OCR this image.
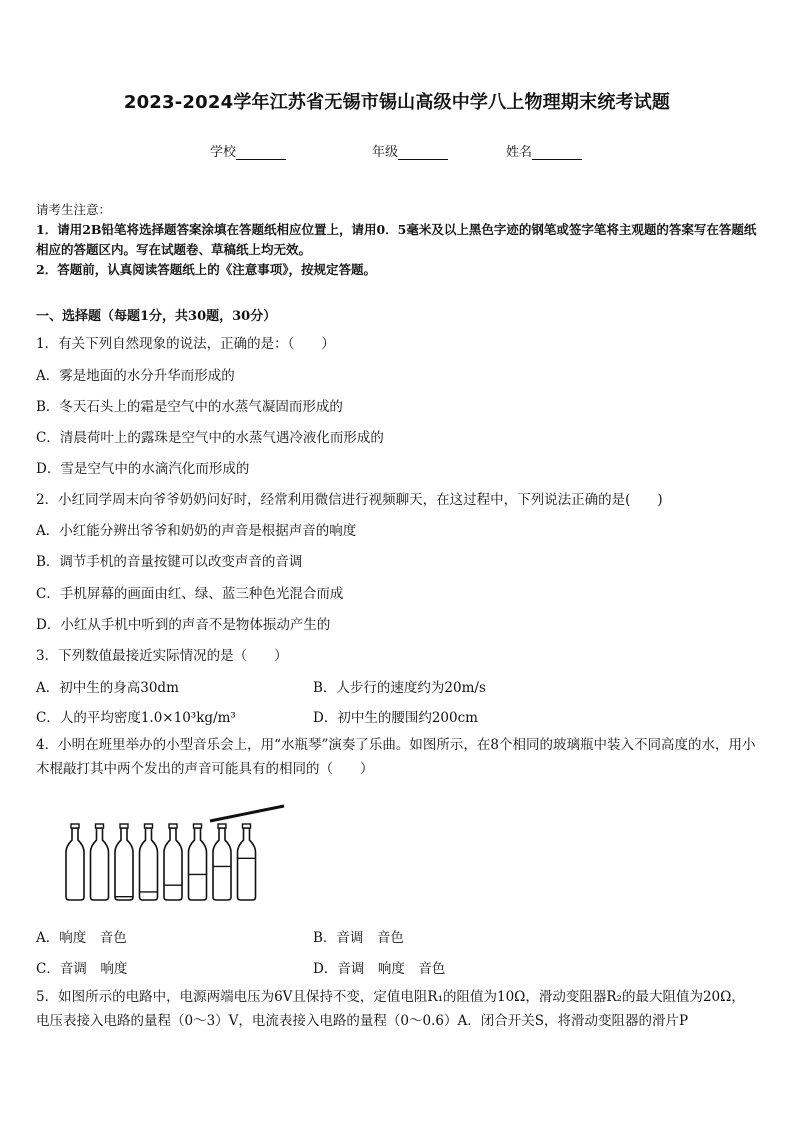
2023-2024学年江苏省无锡市锡山高级中学八上物理期末统考试题
学校	年级	姓名
请考生注意：
1．请用2B铅笔将选择题答案涂填在答题纸相应位置上，请用0．5毫米及以上黑色字迹的钢笔或签字笔将主观题的答案写在答题纸相应的答题区内。写在试题卷、草稿纸上均无效。
2．答题前，认真阅读答题纸上的《注意事项》，按规定答题。
一、选择题（每题1分，共30题，30分）
1．有关下列自然现象的说法，正确的是：（　　）
A．雾是地面的水分升华而形成的
B．冬天石头上的霜是空气中的水蒸气凝固而形成的
C．清晨荷叶上的露珠是空气中的水蒸气遇冷液化而形成的
D．雪是空气中的水滴汽化而形成的
2．小红同学周末向爷爷奶奶问好时，经常利用微信进行视频聊天，在这过程中，下列说法正确的是(　　)
A．小红能分辨出爷爷和奶奶的声音是根据声音的响度
B．调节手机的音量按键可以改变声音的音调
C．手机屏幕的画面由红、绿、蓝三种色光混合而成
D．小红从手机中听到的声音不是物体振动产生的
3．下列数值最接近实际情况的是（　　）
A．初中生的身高30dm	B．人步行的速度约为20m/s
C．人的平均密度1.0×10³kg/m³	D．初中生的腰围约200cm
4．小明在班里举办的小型音乐会上，用“水瓶琴”演奏了乐曲。如图所示，在8个相同的玻璃瓶中装入不同高度的水，用小木棍敲打其中两个发出的声音可能具有的相同的（　　）
A．响度　音色	B．音调　音色
C．音调　响度	D．音调　响度　音色
5．如图所示的电路中，电源两端电压为6V且保持不变，定值电阻R₁的阻值为10Ω，滑动变阻器R₂的最大阻值为20Ω，电压表接入电路的量程（0～3）V，电流表接入电路的量程（0～0.6）A．闭合开关S，将滑动变阻器的滑片P
